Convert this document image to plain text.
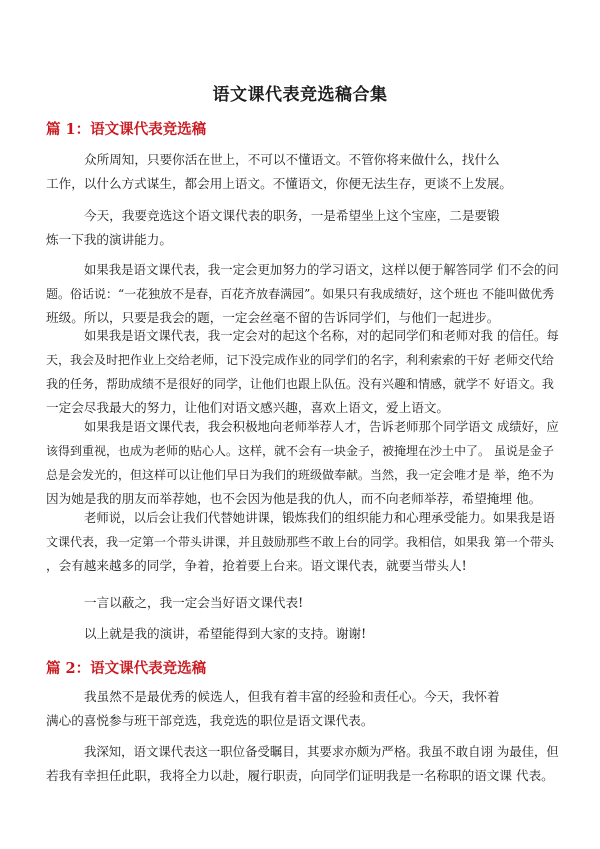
语文课代表竞选稿合集
篇 1：语文课代表竞选稿
众所周知，只要你活在世上，不可以不懂语文。不管你将来做什么，找什么
工作，以什么方式谋生，都会用上语文。不懂语文，你便无法生存，更谈不上发展。
今天，我要竞选这个语文课代表的职务，一是希望坐上这个宝座，二是要锻
炼一下我的演讲能力。
如果我是语文课代表，我一定会更加努力的学习语文，这样以便于解答同学 们不会的问
题。俗话说：“一花独放不是春，百花齐放春满园”。如果只有我成绩好，这个班也 不能叫做优秀
班级。所以，只要是我会的题，一定会丝毫不留的告诉同学们，与他们一起进步。
如果我是语文课代表，我一定会对的起这个名称，对的起同学们和老师对我 的信任。每
天，我会及时把作业上交给老师，记下没完成作业的同学们的名字，利利索索的干好 老师交代给
我的任务，帮助成绩不是很好的同学，让他们也跟上队伍。没有兴趣和情感，就学不 好语文。我
一定会尽我最大的努力，让他们对语文感兴趣，喜欢上语文，爱上语文。
如果我是语文课代表，我会积极地向老师举荐人才，告诉老师那个同学语文 成绩好，应
该得到重视，也成为老师的贴心人。这样，就不会有一块金子，被掩埋在沙土中了。 虽说是金子
总是会发光的，但这样可以让他们早日为我们的班级做奉献。当然，我一定会唯才是 举，绝不为
因为她是我的朋友而举荐她，也不会因为他是我的仇人，而不向老师举荐，希望掩埋 他。
老师说，以后会让我们代替她讲课，锻炼我们的组织能力和心理承受能力。如果我是语
文课代表，我一定第一个带头讲课，并且鼓励那些不敢上台的同学。我相信，如果我 第一个带头
，会有越来越多的同学，争着，抢着要上台来。语文课代表，就要当带头人!
一言以蔽之，我一定会当好语文课代表!
以上就是我的演讲，希望能得到大家的支持。谢谢!
篇 2：语文课代表竞选稿
我虽然不是最优秀的候选人，但我有着丰富的经验和责任心。今天，我怀着
满心的喜悦参与班干部竞选，我竞选的职位是语文课代表。
我深知，语文课代表这一职位备受瞩目，其要求亦颇为严格。我虽不敢自诩 为最佳，但
若我有幸担任此职，我将全力以赴，履行职责，向同学们证明我是一名称职的语文课 代表。
